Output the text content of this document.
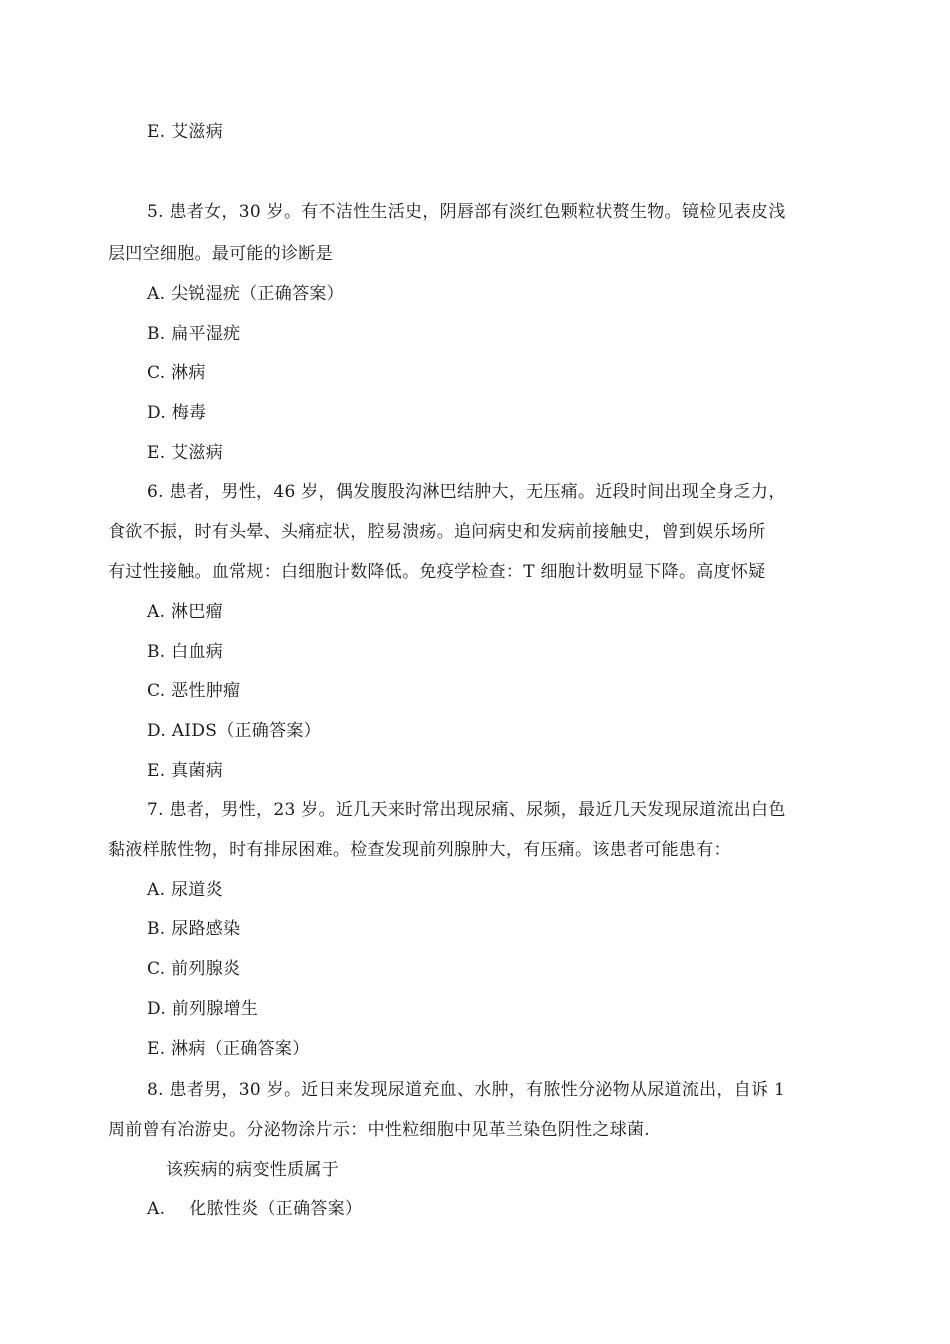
E. 艾滋病
5. 患者女，30 岁。有不洁性生活史，阴唇部有淡红色颗粒状赘生物。镜检见表皮浅
层凹空细胞。最可能的诊断是
A. 尖锐湿疣（正确答案）
B. 扁平湿疣
C. 淋病
D. 梅毒
E. 艾滋病
6. 患者，男性，46 岁，偶发腹股沟淋巴结肿大，无压痛。近段时间出现全身乏力，
食欲不振，时有头晕、头痛症状，腔易溃疡。追问病史和发病前接触史，曾到娱乐场所
有过性接触。血常规：白细胞计数降低。免疫学检查：T 细胞计数明显下降。高度怀疑
A. 淋巴瘤
B. 白血病
C. 恶性肿瘤
D. AIDS（正确答案）
E. 真菌病
7. 患者，男性，23 岁。近几天来时常出现尿痛、尿频，最近几天发现尿道流出白色
黏液样脓性物，时有排尿困难。检查发现前列腺肿大，有压痛。该患者可能患有：
A. 尿道炎
B. 尿路感染
C. 前列腺炎
D. 前列腺增生
E. 淋病（正确答案）
8. 患者男，30 岁。近日来发现尿道充血、水肿，有脓性分泌物从尿道流出，自诉 1
周前曾有冶游史。分泌物涂片示：中性粒细胞中见革兰染色阴性之球菌.
该疾病的病变性质属于
A. 化脓性炎（正确答案）
